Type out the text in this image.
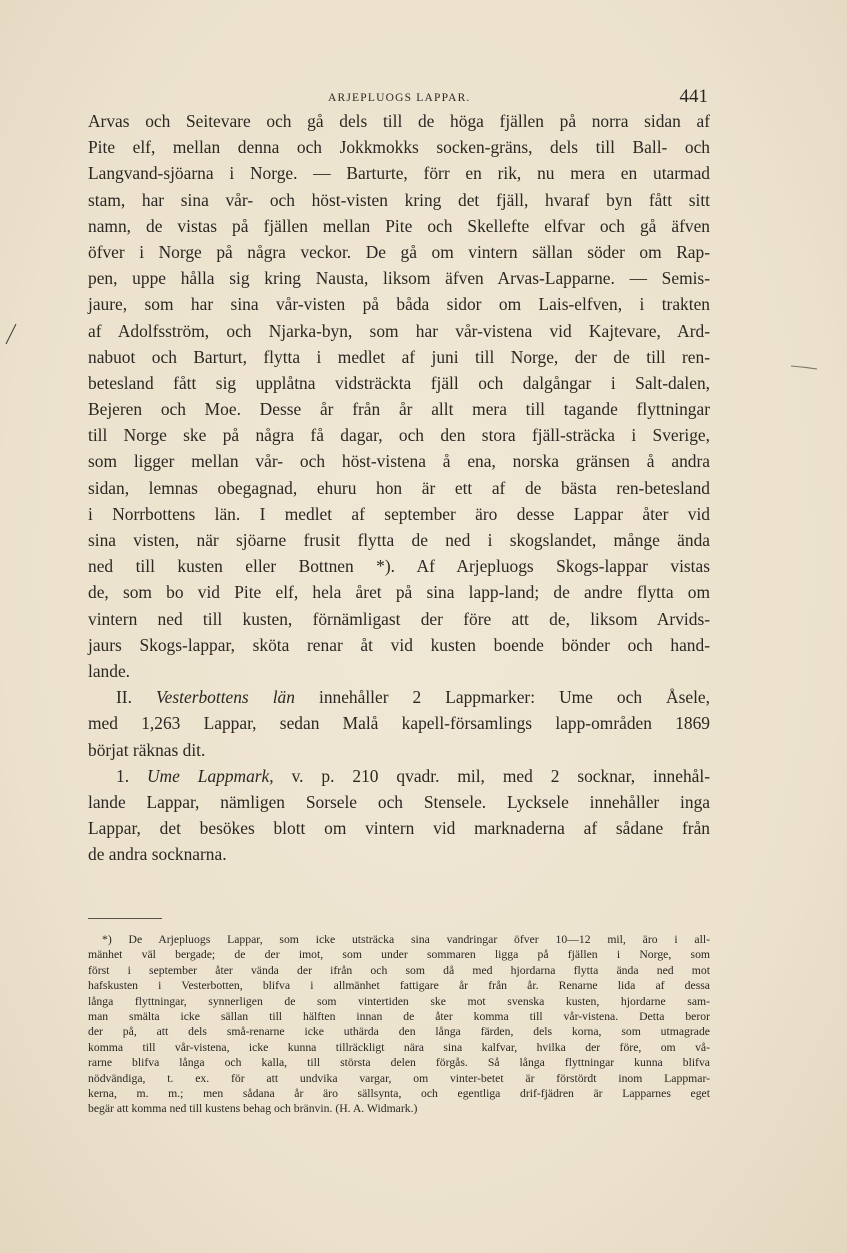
ARJEPLUOGS LAPPAR.	441
Arvas och Seitevare och gå dels till de höga fjällen på norra sidan af
Pite elf, mellan denna och Jokkmokks socken-gräns, dels till Ball- och
Langvand-sjöarna i Norge. — Barturte, förr en rik, nu mera en utarmad
stam, har sina vår- och höst-visten kring det fjäll, hvaraf byn fått sitt
namn, de vistas på fjällen mellan Pite och Skellefte elfvar och gå äfven
öfver i Norge på några veckor. De gå om vintern sällan söder om Rap-
pen, uppe hålla sig kring Nausta, liksom äfven Arvas-Lapparne. — Semis-
jaure, som har sina vår-visten på båda sidor om Lais-elfven, i trakten
af Adolfsström, och Njarka-byn, som har vår-vistena vid Kajtevare, Ard-
nabuot och Barturt, flytta i medlet af juni till Norge, der de till ren-
betesland fått sig upplåtna vidsträckta fjäll och dalgångar i Salt-dalen,
Bejeren och Moe. Desse år från år allt mera till tagande flyttningar
till Norge ske på några få dagar, och den stora fjäll-sträcka i Sverige,
som ligger mellan vår- och höst-vistena å ena, norska gränsen å andra
sidan, lemnas obegagnad, ehuru hon är ett af de bästa ren-betesland
i Norrbottens län. I medlet af september äro desse Lappar åter vid
sina visten, när sjöarne frusit flytta de ned i skogslandet, månge ända
ned till kusten eller Bottnen *). Af Arjepluogs Skogs-lappar vistas
de, som bo vid Pite elf, hela året på sina lapp-land; de andre flytta om
vintern ned till kusten, förnämligast der före att de, liksom Arvids-
jaurs Skogs-lappar, sköta renar åt vid kusten boende bönder och hand-
lande.
II. Vesterbottens län innehåller 2 Lappmarker: Ume och Åsele,
med 1,263 Lappar, sedan Malå kapell-församlings lapp-områden 1869
börjat räknas dit.
1. Ume Lappmark, v. p. 210 qvadr. mil, med 2 socknar, innehål-
lande Lappar, nämligen Sorsele och Stensele. Lycksele innehåller inga
Lappar, det besökes blott om vintern vid marknaderna af sådane från
de andra socknarna.
*) De Arjepluogs Lappar, som icke utsträcka sina vandringar öfver 10—12 mil, äro i all-
mänhet väl bergade; de der imot, som under sommaren ligga på fjällen i Norge, som
först i september åter vända der ifrån och som då med hjordarna flytta ända ned mot
hafskusten i Vesterbotten, blifva i allmänhet fattigare år från år. Renarne lida af dessa
långa flyttningar, synnerligen de som vintertiden ske mot svenska kusten, hjordarne sam-
man smälta icke sällan till hälften innan de åter komma till vår-vistena. Detta beror
der på, att dels små-renarne icke uthärda den långa färden, dels korna, som utmagrade
komma till vår-vistena, icke kunna tillräckligt nära sina kalfvar, hvilka der före, om vå-
rarne blifva långa och kalla, till största delen förgås. Så långa flyttningar kunna blifva
nödvändiga, t. ex. för att undvika vargar, om vinter-betet är förstördt inom Lappmar-
kerna, m. m.; men sådana år äro sällsynta, och egentliga drif-fjädren är Lapparnes eget
begär att komma ned till kustens behag och bränvin. (H. A. Widmark.)
